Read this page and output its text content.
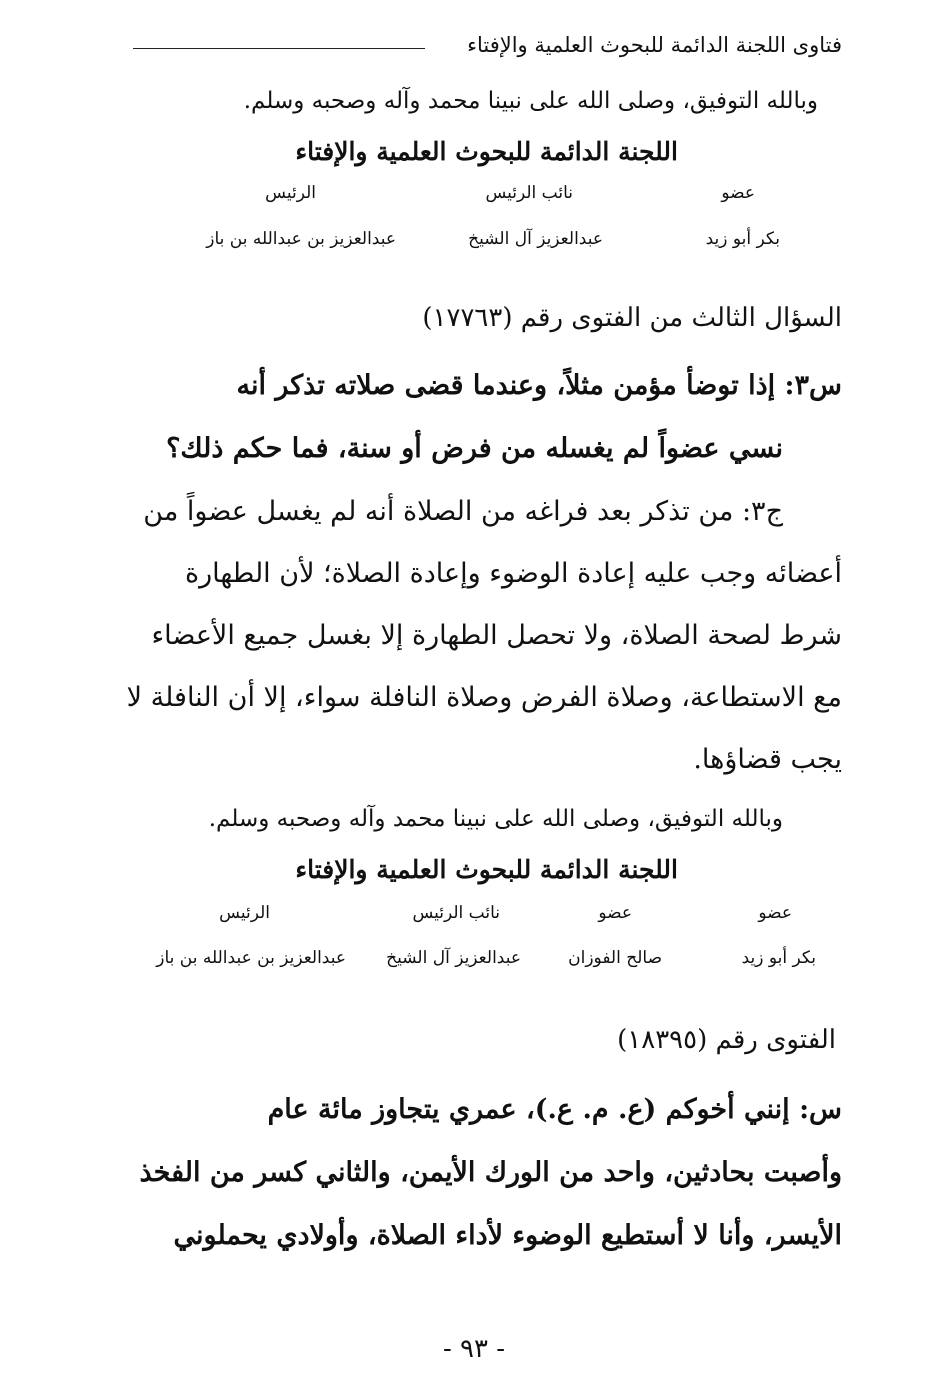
فتاوى اللجنة الدائمة للبحوث العلمية والإفتاء
وبالله التوفيق، وصلى الله على نبينا محمد وآله وصحبه وسلم.
اللجنة الدائمة للبحوث العلمية والإفتاء
عضو
نائب الرئيس
الرئيس
بكر أبو زيد
عبدالعزيز آل الشيخ
عبدالعزيز بن عبدالله بن باز
السؤال الثالث من الفتوى رقم (١٧٧٦٣)
س٣: إذا توضأ مؤمن مثلاً، وعندما قضى صلاته تذكر أنه
نسي عضواً لم يغسله من فرض أو سنة، فما حكم ذلك؟
ج٣: من تذكر بعد فراغه من الصلاة أنه لم يغسل عضواً من
أعضائه وجب عليه إعادة الوضوء وإعادة الصلاة؛ لأن الطهارة
شرط لصحة الصلاة، ولا تحصل الطهارة إلا بغسل جميع الأعضاء
مع الاستطاعة، وصلاة الفرض وصلاة النافلة سواء، إلا أن النافلة لا
يجب قضاؤها.
وبالله التوفيق، وصلى الله على نبينا محمد وآله وصحبه وسلم.
اللجنة الدائمة للبحوث العلمية والإفتاء
عضو
عضو
نائب الرئيس
الرئيس
بكر أبو زيد
صالح الفوزان
عبدالعزيز آل الشيخ
عبدالعزيز بن عبدالله بن باز
الفتوى رقم (١٨٣٩٥)
س: إنني أخوكم (ع. م. ع.)، عمري يتجاوز مائة عام
وأصبت بحادثين، واحد من الورك الأيمن، والثاني كسر من الفخذ
الأيسر، وأنا لا أستطيع الوضوء لأداء الصلاة، وأولادي يحملوني
- ٩٣ -
